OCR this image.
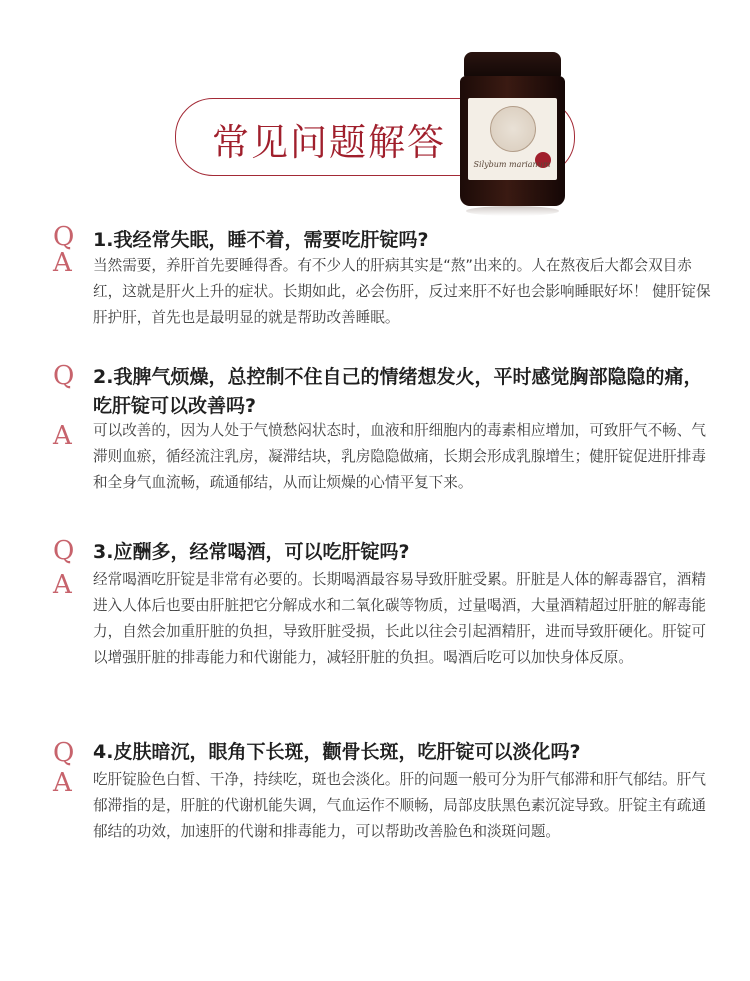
常见问题解答
Silybum marianum
Q
A
1.我经常失眠，睡不着，需要吃肝锭吗?
当然需要，养肝首先要睡得香。有不少人的肝病其实是“熬”出来的。人在熬夜后大都会双目赤红，这就是肝火上升的症状。长期如此，必会伤肝，反过来肝不好也会影响睡眠好坏！ 健肝锭保肝护肝，首先也是最明显的就是帮助改善睡眠。
Q
A
2.我脾气烦燥，总控制不住自己的情绪想发火，平时感觉胸部隐隐的痛，吃肝锭可以改善吗?
可以改善的，因为人处于气愤愁闷状态时，血液和肝细胞内的毒素相应增加，可致肝气不畅、气滞则血瘀，循经流注乳房，凝滞结块，乳房隐隐做痛，长期会形成乳腺增生；健肝锭促进肝排毒和全身气血流畅，疏通郁结，从而让烦燥的心情平复下来。
Q
A
3.应酬多，经常喝酒，可以吃肝锭吗?
经常喝酒吃肝锭是非常有必要的。长期喝酒最容易导致肝脏受累。肝脏是人体的解毒器官，酒精进入人体后也要由肝脏把它分解成水和二氧化碳等物质，过量喝酒，大量酒精超过肝脏的解毒能力，自然会加重肝脏的负担，导致肝脏受损，长此以往会引起酒精肝，进而导致肝硬化。肝锭可以增强肝脏的排毒能力和代谢能力，减轻肝脏的负担。喝酒后吃可以加快身体反原。
Q
A
4.皮肤暗沉，眼角下长斑，颧骨长斑，吃肝锭可以淡化吗?
吃肝锭脸色白皙、干净，持续吃，斑也会淡化。肝的问题一般可分为肝气郁滞和肝气郁结。肝气郁滞指的是，肝脏的代谢机能失调，气血运作不顺畅，局部皮肤黑色素沉淀导致。肝锭主有疏通郁结的功效，加速肝的代谢和排毒能力，可以帮助改善脸色和淡斑问题。
